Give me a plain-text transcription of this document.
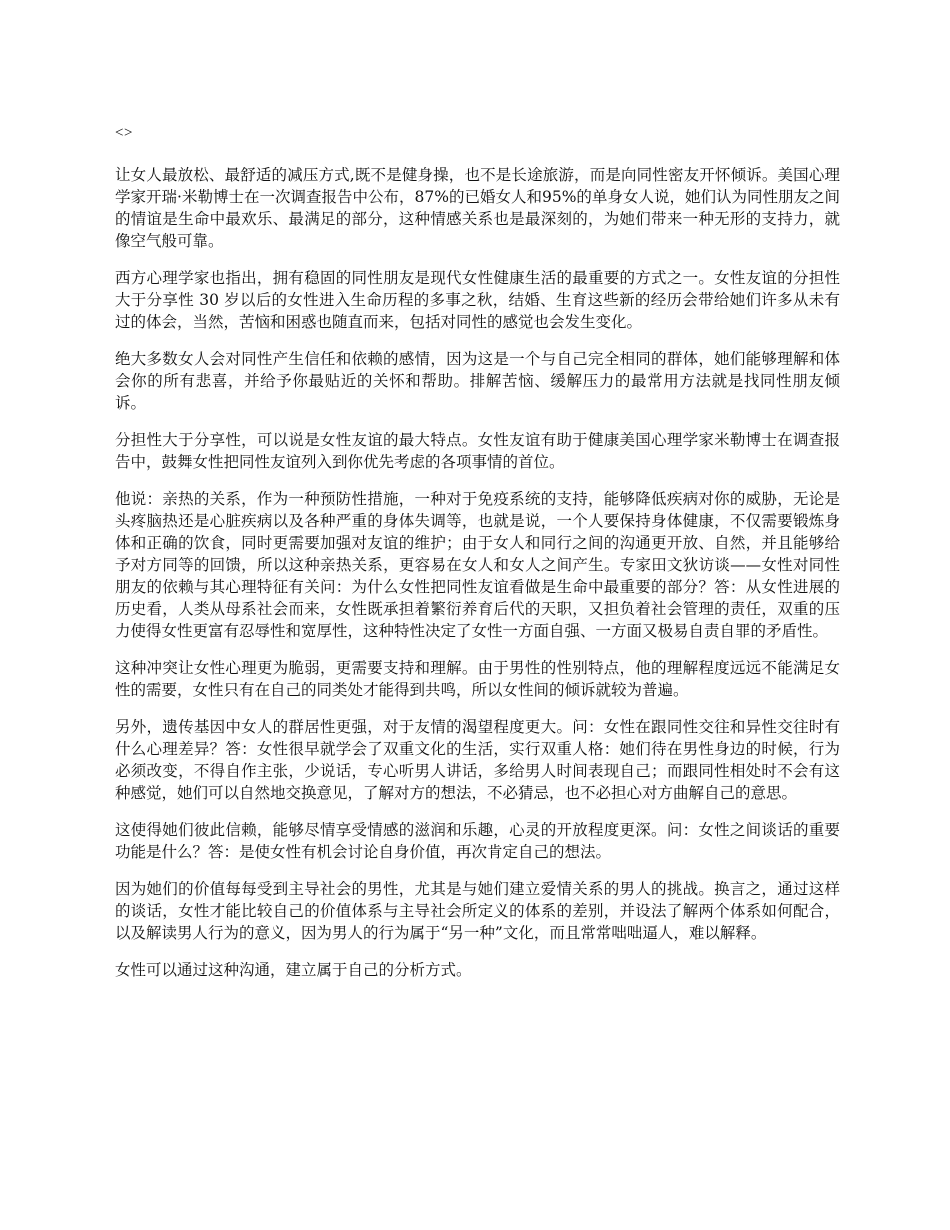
<>

让女人最放松、最舒适的减压方式,既不是健身操，也不是长途旅游，而是向同性密友开怀倾诉。美国心理学家开瑞·米勒博士在一次调查报告中公布，87%的已婚女人和95%的单身女人说，她们认为同性朋友之间的情谊是生命中最欢乐、最满足的部分，这种情感关系也是最深刻的，为她们带来一种无形的支持力，就像空气般可靠。

西方心理学家也指出，拥有稳固的同性朋友是现代女性健康生活的最重要的方式之一。女性友谊的分担性大于分享性 30 岁以后的女性进入生命历程的多事之秋，结婚、生育这些新的经历会带给她们许多从未有过的体会，当然，苦恼和困惑也随直而来，包括对同性的感觉也会发生变化。

绝大多数女人会对同性产生信任和依赖的感情，因为这是一个与自己完全相同的群体，她们能够理解和体会你的所有悲喜，并给予你最贴近的关怀和帮助。排解苦恼、缓解压力的最常用方法就是找同性朋友倾诉。

分担性大于分享性，可以说是女性友谊的最大特点。女性友谊有助于健康美国心理学家米勒博士在调查报告中，鼓舞女性把同性友谊列入到你优先考虑的各项事情的首位。

他说：亲热的关系，作为一种预防性措施，一种对于免疫系统的支持，能够降低疾病对你的威胁，无论是头疼脑热还是心脏疾病以及各种严重的身体失调等，也就是说，一个人要保持身体健康，不仅需要锻炼身体和正确的饮食，同时更需要加强对友谊的维护；由于女人和同行之间的沟通更开放、自然，并且能够给予对方同等的回馈，所以这种亲热关系，更容易在女人和女人之间产生。专家田文狄访谈——女性对同性朋友的依赖与其心理特征有关问：为什么女性把同性友谊看做是生命中最重要的部分？答：从女性进展的历史看，人类从母系社会而来，女性既承担着繁衍养育后代的天职，又担负着社会管理的责任，双重的压力使得女性更富有忍辱性和宽厚性，这种特性决定了女性一方面自强、一方面又极易自责自罪的矛盾性。

这种冲突让女性心理更为脆弱，更需要支持和理解。由于男性的性别特点，他的理解程度远远不能满足女性的需要，女性只有在自己的同类处才能得到共鸣，所以女性间的倾诉就较为普遍。

另外，遗传基因中女人的群居性更强，对于友情的渴望程度更大。问：女性在跟同性交往和异性交往时有什么心理差异？答：女性很早就学会了双重文化的生活，实行双重人格：她们待在男性身边的时候，行为必须改变，不得自作主张，少说话，专心听男人讲话，多给男人时间表现自己；而跟同性相处时不会有这种感觉，她们可以自然地交换意见，了解对方的想法，不必猜忌，也不必担心对方曲解自己的意思。

这使得她们彼此信赖，能够尽情享受情感的滋润和乐趣，心灵的开放程度更深。问：女性之间谈话的重要功能是什么？答：是使女性有机会讨论自身价值，再次肯定自己的想法。

因为她们的价值每每受到主导社会的男性，尤其是与她们建立爱情关系的男人的挑战。换言之，通过这样的谈话，女性才能比较自己的价值体系与主导社会所定义的体系的差别，并设法了解两个体系如何配合，以及解读男人行为的意义，因为男人的行为属于“另一种”文化，而且常常咄咄逼人，难以解释。

女性可以通过这种沟通，建立属于自己的分析方式。
